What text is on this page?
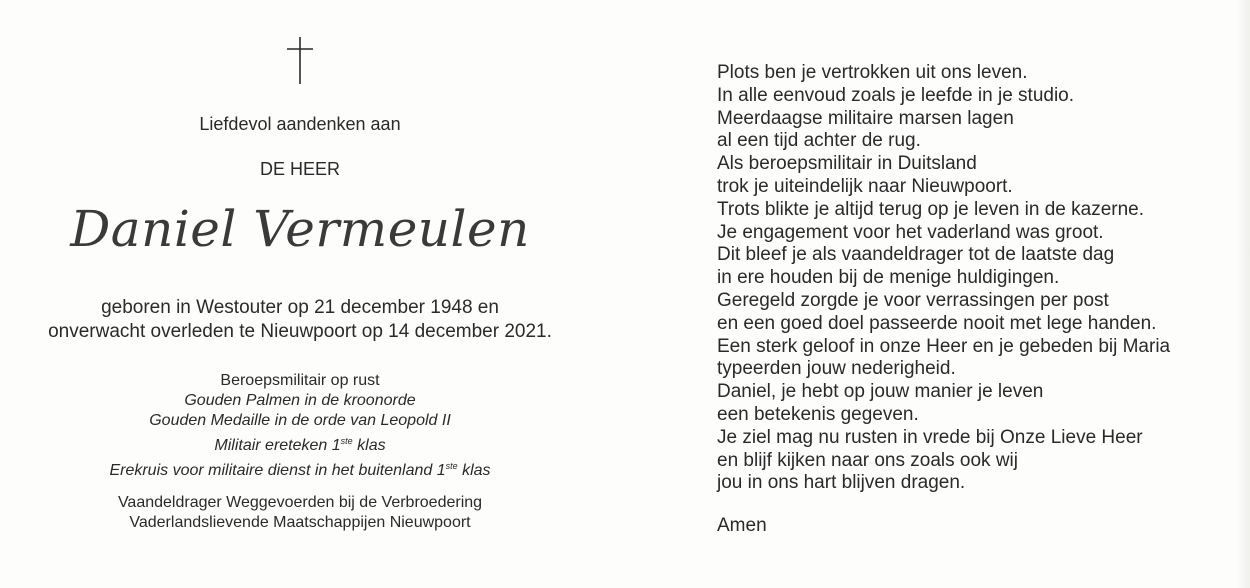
Liefdevol aandenken aan
DE HEER
Daniel Vermeulen
geboren in Westouter op 21 december 1948 en
onverwacht overleden te Nieuwpoort op 14 december 2021.
Beroepsmilitair op rust
Gouden Palmen in de kroonorde
Gouden Medaille in de orde van Leopold II
Militair ereteken 1ste klas
Erekruis voor militaire dienst in het buitenland 1ste klas
Vaandeldrager Weggevoerden bij de Verbroedering
Vaderlandslievende Maatschappijen Nieuwpoort
Plots ben je vertrokken uit ons leven.
In alle eenvoud zoals je leefde in je studio.
Meerdaagse militaire marsen lagen
al een tijd achter de rug.
Als beroepsmilitair in Duitsland
trok je uiteindelijk naar Nieuwpoort.
Trots blikte je altijd terug op je leven in de kazerne.
Je engagement voor het vaderland was groot.
Dit bleef je als vaandeldrager tot de laatste dag
in ere houden bij de menige huldigingen.
Geregeld zorgde je voor verrassingen per post
en een goed doel passeerde nooit met lege handen.
Een sterk geloof in onze Heer en je gebeden bij Maria
typeerden jouw nederigheid.
Daniel, je hebt op jouw manier je leven
een betekenis gegeven.
Je ziel mag nu rusten in vrede bij Onze Lieve Heer
en blijf kijken naar ons zoals ook wij
jou in ons hart blijven dragen.
Amen
